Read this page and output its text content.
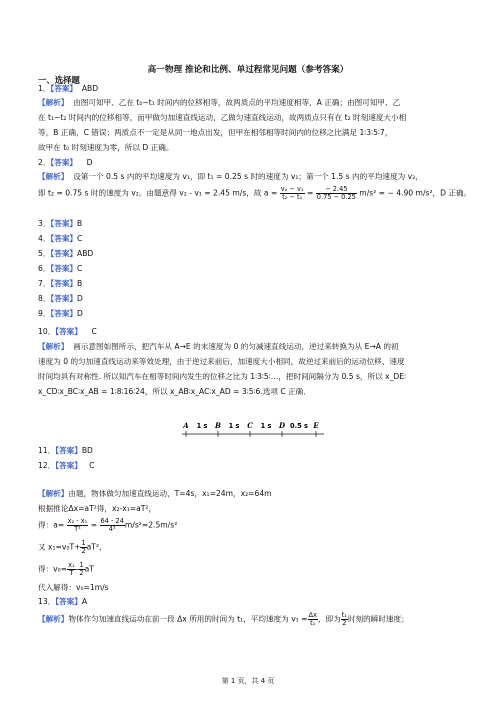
高一物理 推论和比例、单过程常见问题（参考答案）
一、选择题
1．【答案】 ABD
【解析】 由图可知甲、乙在 t₀~t₁ 时间内的位移相等，故两质点的平均速度相等，A 正确；由图可知甲、乙
在 t₁~t₂ 时间内的位移相等，而甲做匀加速直线运动，乙做匀速直线运动，故两质点只有在 t₂ 时刻速度大小相
等，B 正确，C 错误；两质点不一定是从同一地点出发，但甲在相邻相等时间内的位移之比满足 1∶3∶5∶7，
故甲在 t₀ 时刻速度为零，所以 D 正确。
2．【答案】 D
【解析】 设第一个 0.5 s 内的平均速度为 v₁，即 t₁ = 0.25 s 时的速度为 v₁；第一个 1.5 s 内的平均速度为 v₂，
即 t₂ = 0.75 s 时的速度为 v₂。由题意得 v₂ - v₁ = 2.45 m/s，故 $a = \frac{\text{v₂ − v₁}}{\text{t₂ − t₁}} = \frac{- 2.45}{0.75 - 0.25} m/s^2$ = − 4.90 m/s²，D 正确。
3．【答案】B
4．【答案】C
5．【答案】ABD
6．【答案】C
7．【答案】B
8．【答案】D
9．【答案】D
10．【答案】 C
【解析】 画示意图如图所示，把汽车从 A→E 的末速度为 0 的匀减速直线运动，逆过来转换为从 E→A 的初
速度为 0 的匀加速直线运动来等效处理，由于逆过来前后，加速度大小相同，故逆过来前后的运动位移、速度
时间均具有对称性. 所以知汽车在相等时间内发生的位移之比为 1∶3∶5∶…，把时间间隔分为 0.5 s，所以 x_DE∶
x_CD∶x_BC∶x_AB = 1∶8∶16∶24，所以 x_AB∶x_AC∶x_AD = 3∶5∶6.选项 C 正确．
A	B	C	D	E
1 s	1 s	1 s	0.5 s
11．【答案】BD
12．【答案】 C
【解析】由题，物体做匀加速直线运动，T=4s，x₁=24m，x₂=64m
根据推论Δx=aT²得，x₂-x₁=aT²，
得：$a= \frac{\text{x₂ - x₁}}{\text{T²}} = \frac{64 - 24}{\text{4²}} m/s^2=2.5m/s^2$
又 $x_1=v_0T+ \frac{1}{2} aT^2$，
得：$v_0= \frac{\text{x₁}}{T} - \frac{1}{2}$ aT
代入解得：v₀=1m/s
13．【答案】A
【解析】物体作匀加速直线运动在前一段 Δx 所用的时间为 t₁，平均速度为 $v_1 = \frac{\Delta x}{\text{t₁}}$ ，即为 $\frac{\text{t₁}}{2}$ 时刻的瞬时速度；
第 1 页，共 4 页
